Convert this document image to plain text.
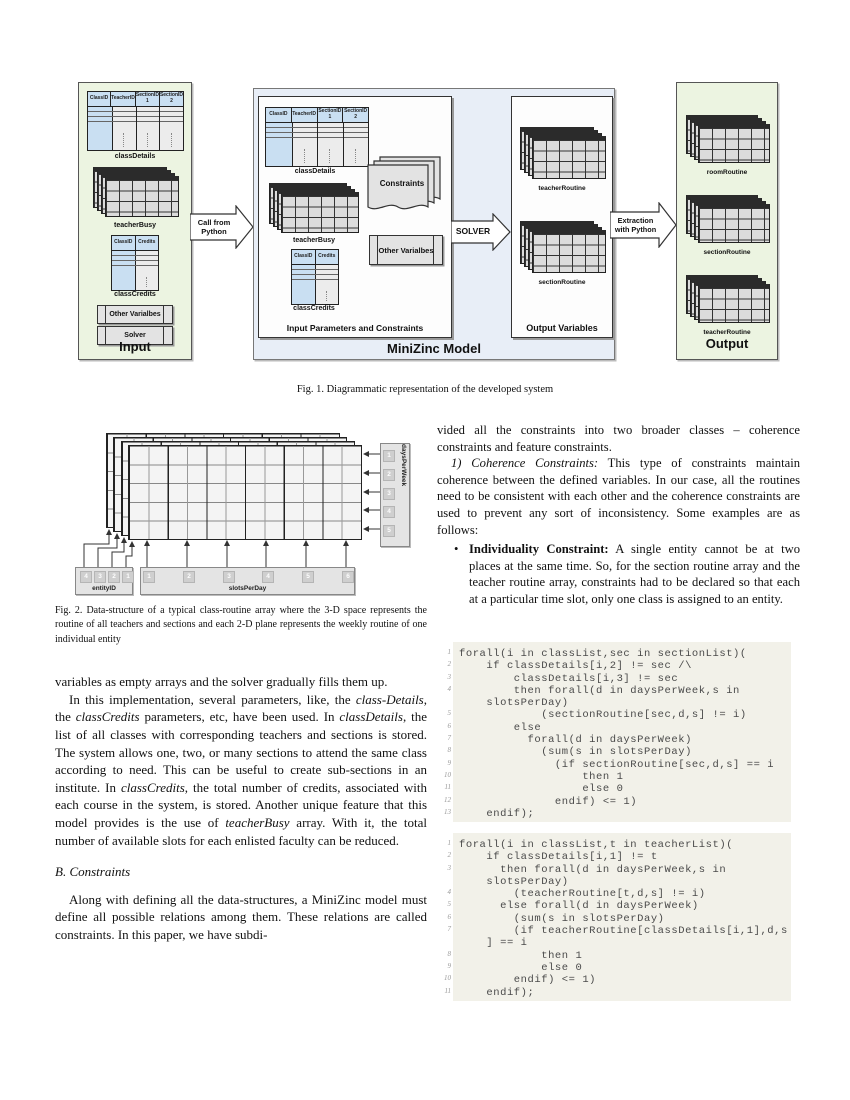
ClassID TeacherID SectionID
1
SectionID
2
classDetails
teacherBusy
ClassID	Credits
classCredits
Other Varialbes
Solver
Input
Call from
Python
ClassID TeacherID SectionID
1
SectionID
2
classDetails
teacherBusy
ClassID	Credits
classCredits
Constraints
Other Varialbes
Input Parameters and Constraints
SOLVER
teacherRoutine
sectionRoutine
Output Variables
MiniZinc Model
Extraction
with Python
roomRoutine
sectionRoutine
teacherRoutine
Output
Fig. 1. Diagrammatic representation of the developed system
4	3	2	1
entityID
1	2	3	4	5	6
slotsPerDay
1
2
3
4
5
daysPerWeek

Fig. 2. Data-structure of a typical class-routine array where the 3-D space represents the routine of all teachers and sections and each 2-D plane represents the weekly routine of one individual entity

variables as empty arrays and the solver gradually fills them up.

In this implementation, several parameters, like, the class-Details, the classCredits parameters, etc, have been used. In classDetails, the list of all classes with corresponding teachers and sections is stored. The system allows one, two, or many sections to attend the same class according to need. This can be useful to create sub-sections in an institute. In classCredits, the total number of credits, associated with each course in the system, is stored. Another unique feature that this model provides is the use of teacherBusy array. With it, the total number of available slots for each enlisted faculty can be reduced.

B. Constraints

Along with defining all the data-structures, a MiniZinc model must define all possible relations among them. These relations are called constraints. In this paper, we have subdi-

vided all the constraints into two broader classes – coherence constraints and feature constraints.

1) Coherence Constraints: This type of constraints maintain coherence between the defined variables. In our case, all the routines need to be consistent with each other and the coherence constraints are used to prevent any sort of inconsistency. Some examples are as follows:

• Individuality Constraint: A single entity cannot be at two places at the same time. So, for the section routine array and the teacher routine array, constraints had to be declared so that each at a particular time slot, only one class is assigned to an entity.
1 forall(i in classList,sec in sectionList)(
2 if classDetails[i,2] != sec /\
3 classDetails[i,3] != sec
4 then forall(d in daysPerWeek,s in
slotsPerDay)
5 (sectionRoutine[sec,d,s] != i)
6 else
7 forall(d in daysPerWeek)
8 (sum(s in slotsPerDay)
9 (if sectionRoutine[sec,d,s] == i
10 then 1
11 else 0
12 endif) <= 1)
13 endif);
1 forall(i in classList,t in teacherList)(
2 if classDetails[i,1] != t
3 then forall(d in daysPerWeek,s in
slotsPerDay)
4 (teacherRoutine[t,d,s] != i)
5 else forall(d in daysPerWeek)
6 (sum(s in slotsPerDay)
7 (if teacherRoutine[classDetails[i,1],d,s
] == i
8 then 1
9 else 0
10 endif) <= 1)
11 endif);
